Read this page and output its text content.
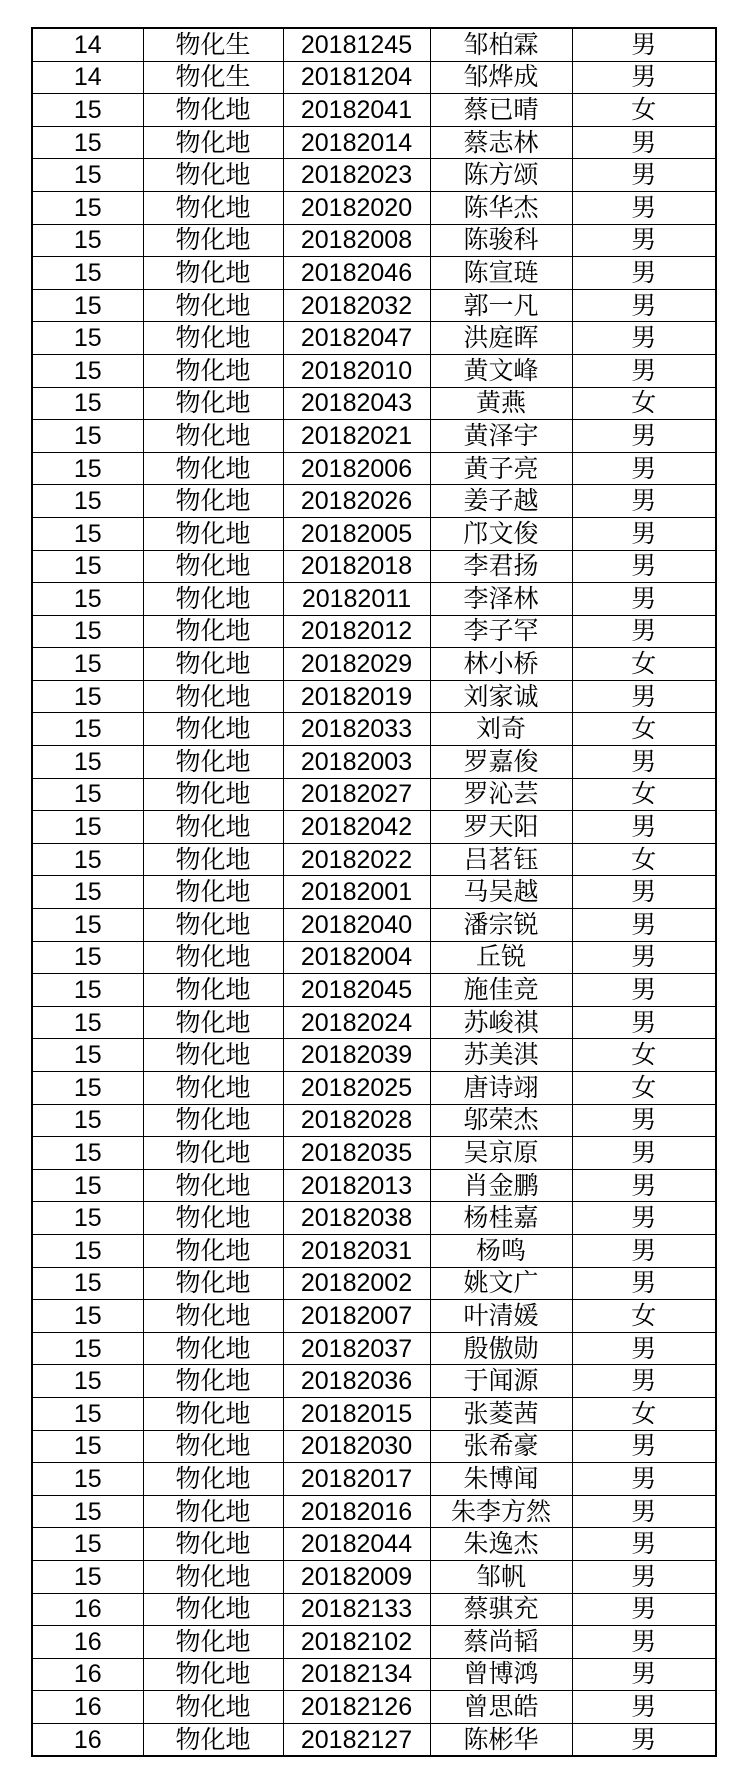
14	物化生	20181245	邹柏霖	男
14	物化生	20181204	邹烨成	男
15	物化地	20182041	蔡已晴	女
15	物化地	20182014	蔡志林	男
15	物化地	20182023	陈方颂	男
15	物化地	20182020	陈华杰	男
15	物化地	20182008	陈骏科	男
15	物化地	20182046	陈宣琏	男
15	物化地	20182032	郭一凡	男
15	物化地	20182047	洪庭晖	男
15	物化地	20182010	黄文峰	男
15	物化地	20182043	黄燕	女
15	物化地	20182021	黄泽宇	男
15	物化地	20182006	黄子亮	男
15	物化地	20182026	姜子越	男
15	物化地	20182005	邝文俊	男
15	物化地	20182018	李君扬	男
15	物化地	20182011	李泽林	男
15	物化地	20182012	李子罕	男
15	物化地	20182029	林小桥	女
15	物化地	20182019	刘家诚	男
15	物化地	20182033	刘奇	女
15	物化地	20182003	罗嘉俊	男
15	物化地	20182027	罗沁芸	女
15	物化地	20182042	罗天阳	男
15	物化地	20182022	吕茗钰	女
15	物化地	20182001	马吴越	男
15	物化地	20182040	潘宗锐	男
15	物化地	20182004	丘锐	男
15	物化地	20182045	施佳竞	男
15	物化地	20182024	苏峻祺	男
15	物化地	20182039	苏美淇	女
15	物化地	20182025	唐诗翊	女
15	物化地	20182028	邬荣杰	男
15	物化地	20182035	吴京原	男
15	物化地	20182013	肖金鹏	男
15	物化地	20182038	杨桂嘉	男
15	物化地	20182031	杨鸣	男
15	物化地	20182002	姚文广	男
15	物化地	20182007	叶清媛	女
15	物化地	20182037	殷傲勋	男
15	物化地	20182036	于闻源	男
15	物化地	20182015	张菱茜	女
15	物化地	20182030	张希豪	男
15	物化地	20182017	朱博闻	男
15	物化地	20182016	朱李方然	男
15	物化地	20182044	朱逸杰	男
15	物化地	20182009	邹帆	男
16	物化地	20182133	蔡骐充	男
16	物化地	20182102	蔡尚韬	男
16	物化地	20182134	曾博鸿	男
16	物化地	20182126	曾思皓	男
16	物化地	20182127	陈彬华	男
